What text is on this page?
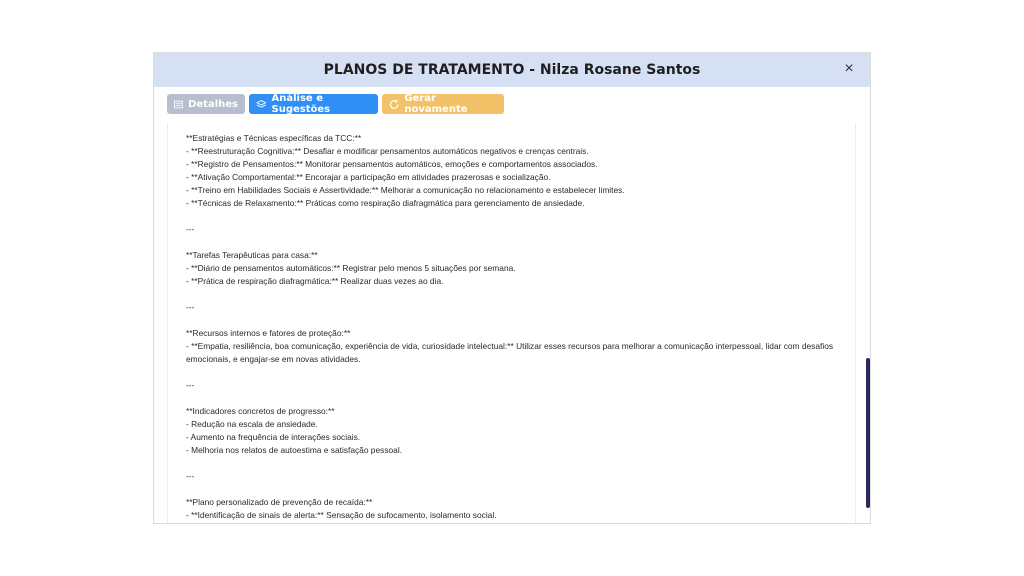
PLANOS DE TRATAMENTO - Nilza Rosane Santos	×
Detalhes	Análise e Sugestões
Gerar novamente
**Estratégias e Técnicas específicas da TCC:**
- **Reestruturação Cognitiva:** Desafiar e modificar pensamentos automáticos negativos e crenças centrais.
- **Registro de Pensamentos:** Monitorar pensamentos automáticos, emoções e comportamentos associados.
- **Ativação Comportamental:** Encorajar a participação em atividades prazerosas e socialização.
- **Treino em Habilidades Sociais e Assertividade:** Melhorar a comunicação no relacionamento e estabelecer limites.
- **Técnicas de Relaxamento:** Práticas como respiração diafragmática para gerenciamento de ansiedade.

---

**Tarefas Terapêuticas para casa:**
- **Diário de pensamentos automáticos:** Registrar pelo menos 5 situações por semana.
- **Prática de respiração diafragmática:** Realizar duas vezes ao dia.

---

**Recursos internos e fatores de proteção:**
- **Empatia, resiliência, boa comunicação, experiência de vida, curiosidade intelectual:** Utilizar esses recursos para melhorar a comunicação interpessoal, lidar com desafios emocionais, e engajar-se em novas atividades.

---

**Indicadores concretos de progresso:**
- Redução na escala de ansiedade.
- Aumento na frequência de interações sociais.
- Melhoria nos relatos de autoestima e satisfação pessoal.

---

**Plano personalizado de prevenção de recaída:**
- **Identificação de sinais de alerta:** Sensação de sufocamento, isolamento social.
